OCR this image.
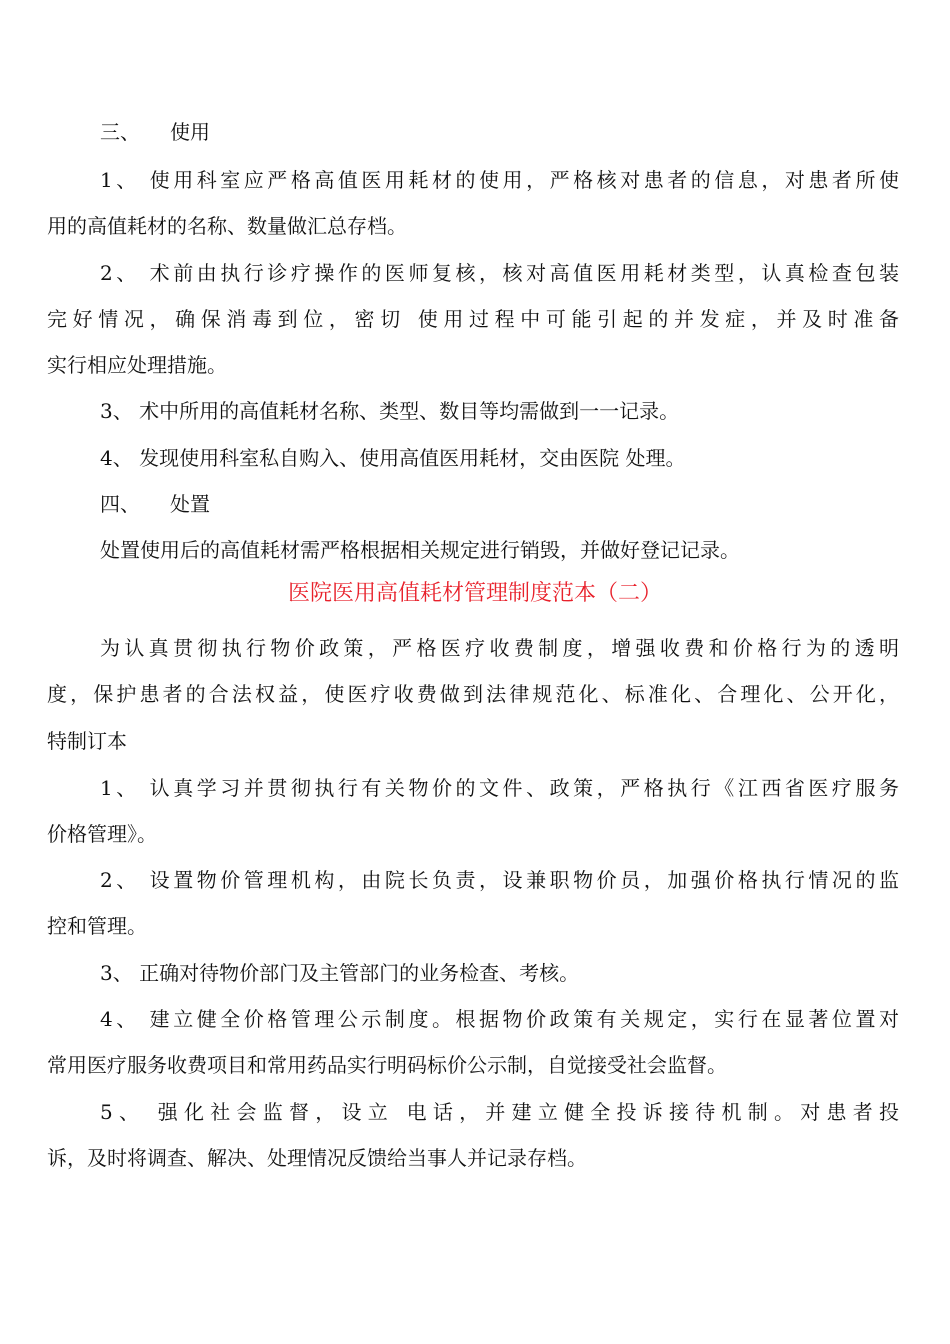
三、 使用
1、 使用科室应严格高值医用耗材的使用，严格核对患者的信息，对患者所使
用的高值耗材的名称、数量做汇总存档。
2、 术前由执行诊疗操作的医师复核，核对高值医用耗材类型，认真检查包装
完好情况，确保消毒到位，密切 使用过程中可能引起的并发症，并及时准备
实行相应处理措施。
3、 术中所用的高值耗材名称、类型、数目等均需做到一一记录。
4、 发现使用科室私自购入、使用高值医用耗材，交由医院 处理。
四、 处置
处置使用后的高值耗材需严格根据相关规定进行销毁，并做好登记记录。
医院医用高值耗材管理制度范本（二）
为认真贯彻执行物价政策，严格医疗收费制度，增强收费和价格行为的透明
度，保护患者的合法权益，使医疗收费做到法律规范化、标准化、合理化、公开化，
特制订本
1、 认真学习并贯彻执行有关物价的文件、政策，严格执行《江西省医疗服务
价格管理》。
2、 设置物价管理机构，由院长负责，设兼职物价员，加强价格执行情况的监
控和管理。
3、 正确对待物价部门及主管部门的业务检查、考核。
4、 建立健全价格管理公示制度。根据物价政策有关规定，实行在显著位置对
常用医疗服务收费项目和常用药品实行明码标价公示制，自觉接受社会监督。
5、 强化社会监督，设立 电话，并建立健全投诉接待机制。对患者投
诉，及时将调查、解决、处理情况反馈给当事人并记录存档。
